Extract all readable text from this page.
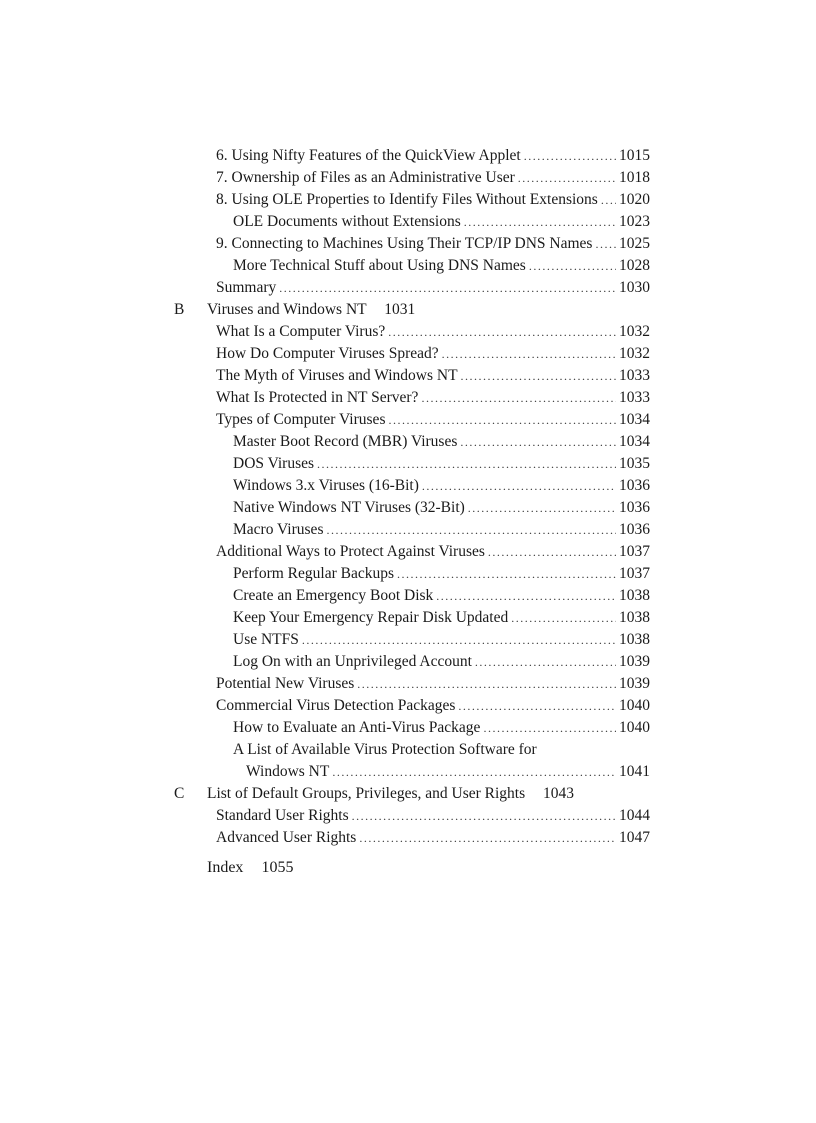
6. Using Nifty Features of the QuickView Applet .....	1015
7. Ownership of Files as an Administrative User .....	1018
8. Using OLE Properties to Identify Files Without Extensions ..... 1020
OLE Documents without Extensions .....	1023
9. Connecting to Machines Using Their TCP/IP DNS Names ..... 1025
More Technical Stuff about Using DNS Names .....	1028
Summary .....	1030
B Viruses and Windows NT 1031
What Is a Computer Virus? .....	1032
How Do Computer Viruses Spread? .....	1032
The Myth of Viruses and Windows NT .....	1033
What Is Protected in NT Server? .....	1033
Types of Computer Viruses .....	1034
Master Boot Record (MBR) Viruses .....	1034
DOS Viruses .....	1035
Windows 3.x Viruses (16-Bit) .....	1036
Native Windows NT Viruses (32-Bit) .....	1036
Macro Viruses .....	1036
Additional Ways to Protect Against Viruses .....	1037
Perform Regular Backups .....	1037
Create an Emergency Boot Disk .....	1038
Keep Your Emergency Repair Disk Updated .....	1038
Use NTFS .....	1038
Log On with an Unprivileged Account .....	1039
Potential New Viruses .....	1039
Commercial Virus Detection Packages .....	1040
How to Evaluate an Anti-Virus Package .....	1040
A List of Available Virus Protection Software for
Windows NT .....	1041
C List of Default Groups, Privileges, and User Rights 1043
Standard User Rights .....	1044
Advanced User Rights .....	1047
Index 1055
